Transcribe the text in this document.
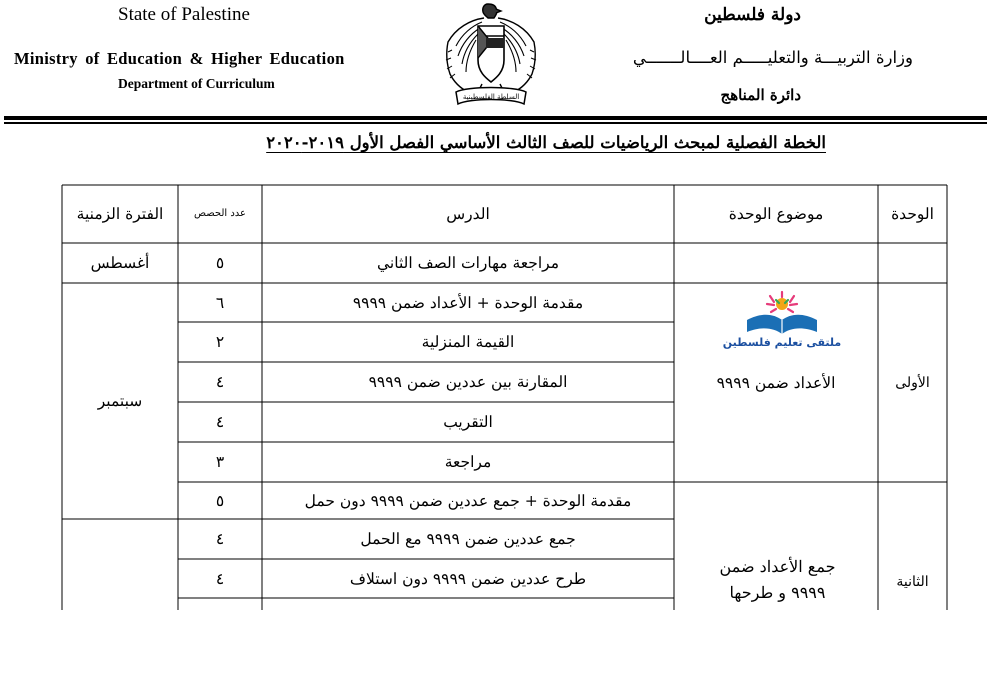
State of Palestine
Ministry of Education & Higher Education
Department of Curriculum
دولة فلسطين
وزارة التربيـــة والتعليـــــم العــــالـــــــي
دائرة المناهج
السلطة الفلسطينية
الخطة الفصلية لمبحث الرياضيات للصف الثالث الأساسي الفصل الأول ٢٠١٩-٢٠٢٠
الوحدة
موضوع الوحدة
الدرس
عدد الحصص
الفترة الزمنية
مراجعة مهارات الصف الثاني
٥
أغسطس
مقدمة الوحدة + الأعداد ضمن ٩٩٩٩
٦
القيمة المنزلية
٢
المقارنة بين عددين ضمن ٩٩٩٩
٤
التقريب
٤
مراجعة
٣
مقدمة الوحدة + جمع عددين ضمن ٩٩٩٩ دون حمل
٥
جمع عددين ضمن ٩٩٩٩ مع الحمل
٤
طرح عددين ضمن ٩٩٩٩ دون استلاف
٤
سبتمبر
الأولى
الأعداد ضمن ٩٩٩٩
الثانية
جمع الأعداد ضمن ٩٩٩٩ و طرحها
ملتقى تعليم فلسطين
